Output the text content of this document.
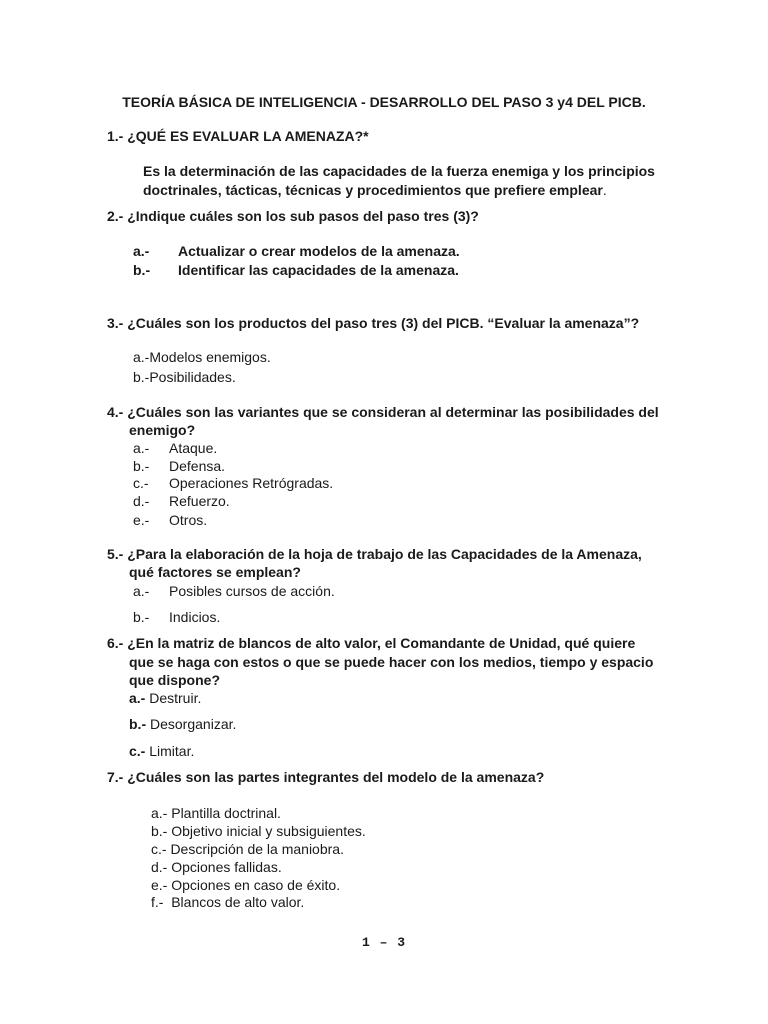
TEORÍA BÁSICA DE INTELIGENCIA - DESARROLLO DEL PASO 3 y4 DEL PICB.
1.- ¿QUÉ ES EVALUAR LA AMENAZA?*
Es la determinación de las capacidades de la fuerza enemiga y los principios
doctrinales, tácticas, técnicas y procedimientos que prefiere emplear.
2.- ¿Indique cuáles son los sub pasos del paso tres (3)?
a.- Actualizar o crear modelos de la amenaza.
b.- Identificar las capacidades de la amenaza.
3.- ¿Cuáles son los productos del paso tres (3) del PICB. “Evaluar la amenaza”?
a.-Modelos enemigos.
b.-Posibilidades.
4.- ¿Cuáles son las variantes que se consideran al determinar las posibilidades del
enemigo?
a.- Ataque.
b.- Defensa.
c.- Operaciones Retrógradas.
d.- Refuerzo.
e.- Otros.
5.- ¿Para la elaboración de la hoja de trabajo de las Capacidades de la Amenaza,
qué factores se emplean?
a.- Posibles cursos de acción.
b.- Indicios.
6.- ¿En la matriz de blancos de alto valor, el Comandante de Unidad, qué quiere
que se haga con estos o que se puede hacer con los medios, tiempo y espacio
que dispone?
a.- Destruir.
b.- Desorganizar.
c.- Limitar.
7.- ¿Cuáles son las partes integrantes del modelo de la amenaza?
a.- Plantilla doctrinal.
b.- Objetivo inicial y subsiguientes.
c.- Descripción de la maniobra.
d.- Opciones fallidas.
e.- Opciones en caso de éxito.
f.-  Blancos de alto valor.
1 – 3
